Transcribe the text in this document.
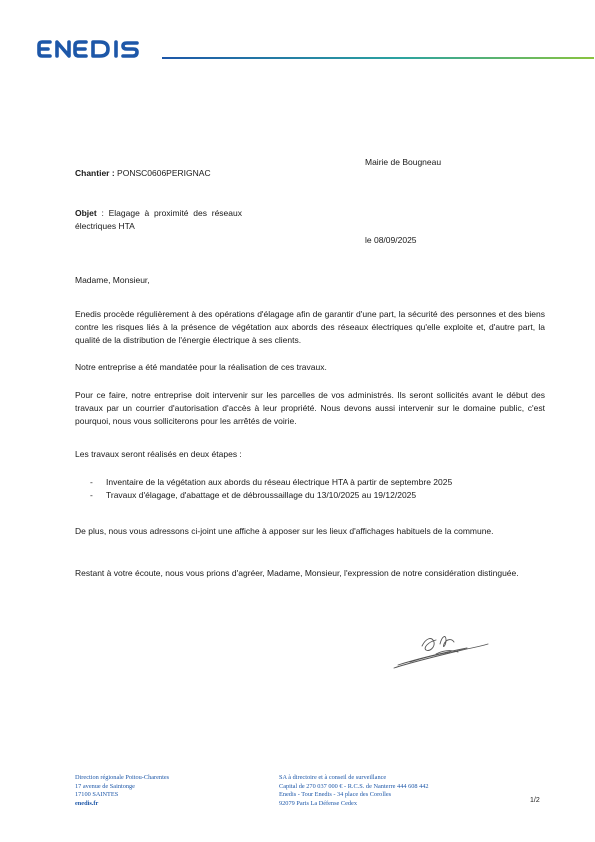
Mairie de Bougneau
Chantier : PONSC0606PERIGNAC
Objet : Elagage à proximité des réseaux électriques HTA
le 08/09/2025
Madame, Monsieur,
Enedis procède régulièrement à des opérations d'élagage afin de garantir d'une part, la sécurité des personnes et des biens contre les risques liés à la présence de végétation aux abords des réseaux électriques qu'elle exploite et, d'autre part, la qualité de la distribution de l'énergie électrique à ses clients.
Notre entreprise a été mandatée pour la réalisation de ces travaux.
Pour ce faire, notre entreprise doit intervenir sur les parcelles de vos administrés. Ils seront sollicités avant le début des travaux par un courrier d'autorisation d'accès à leur propriété. Nous devons aussi intervenir sur le domaine public, c'est pourquoi, nous vous solliciterons pour les arrêtés de voirie.
Les travaux seront réalisés en deux étapes :
- Inventaire de la végétation aux abords du réseau électrique HTA à partir de septembre 2025
- Travaux d'élagage, d'abattage et de débroussaillage du 13/10/2025 au 19/12/2025
De plus, nous vous adressons ci-joint une affiche à apposer sur les lieux d'affichages habituels de la commune.
Restant à votre écoute, nous vous prions d'agréer, Madame, Monsieur, l'expression de notre considération distinguée.
Direction régionale Poitou-Charentes
17 avenue de Saintonge
17100 SAINTES
enedis.fr
SA à directoire et à conseil de surveillance
Capital de 270 037 000 € - R.C.S. de Nanterre 444 608 442
Enedis - Tour Enedis - 34 place des Corolles
92079 Paris La Défense Cedex	1/2
